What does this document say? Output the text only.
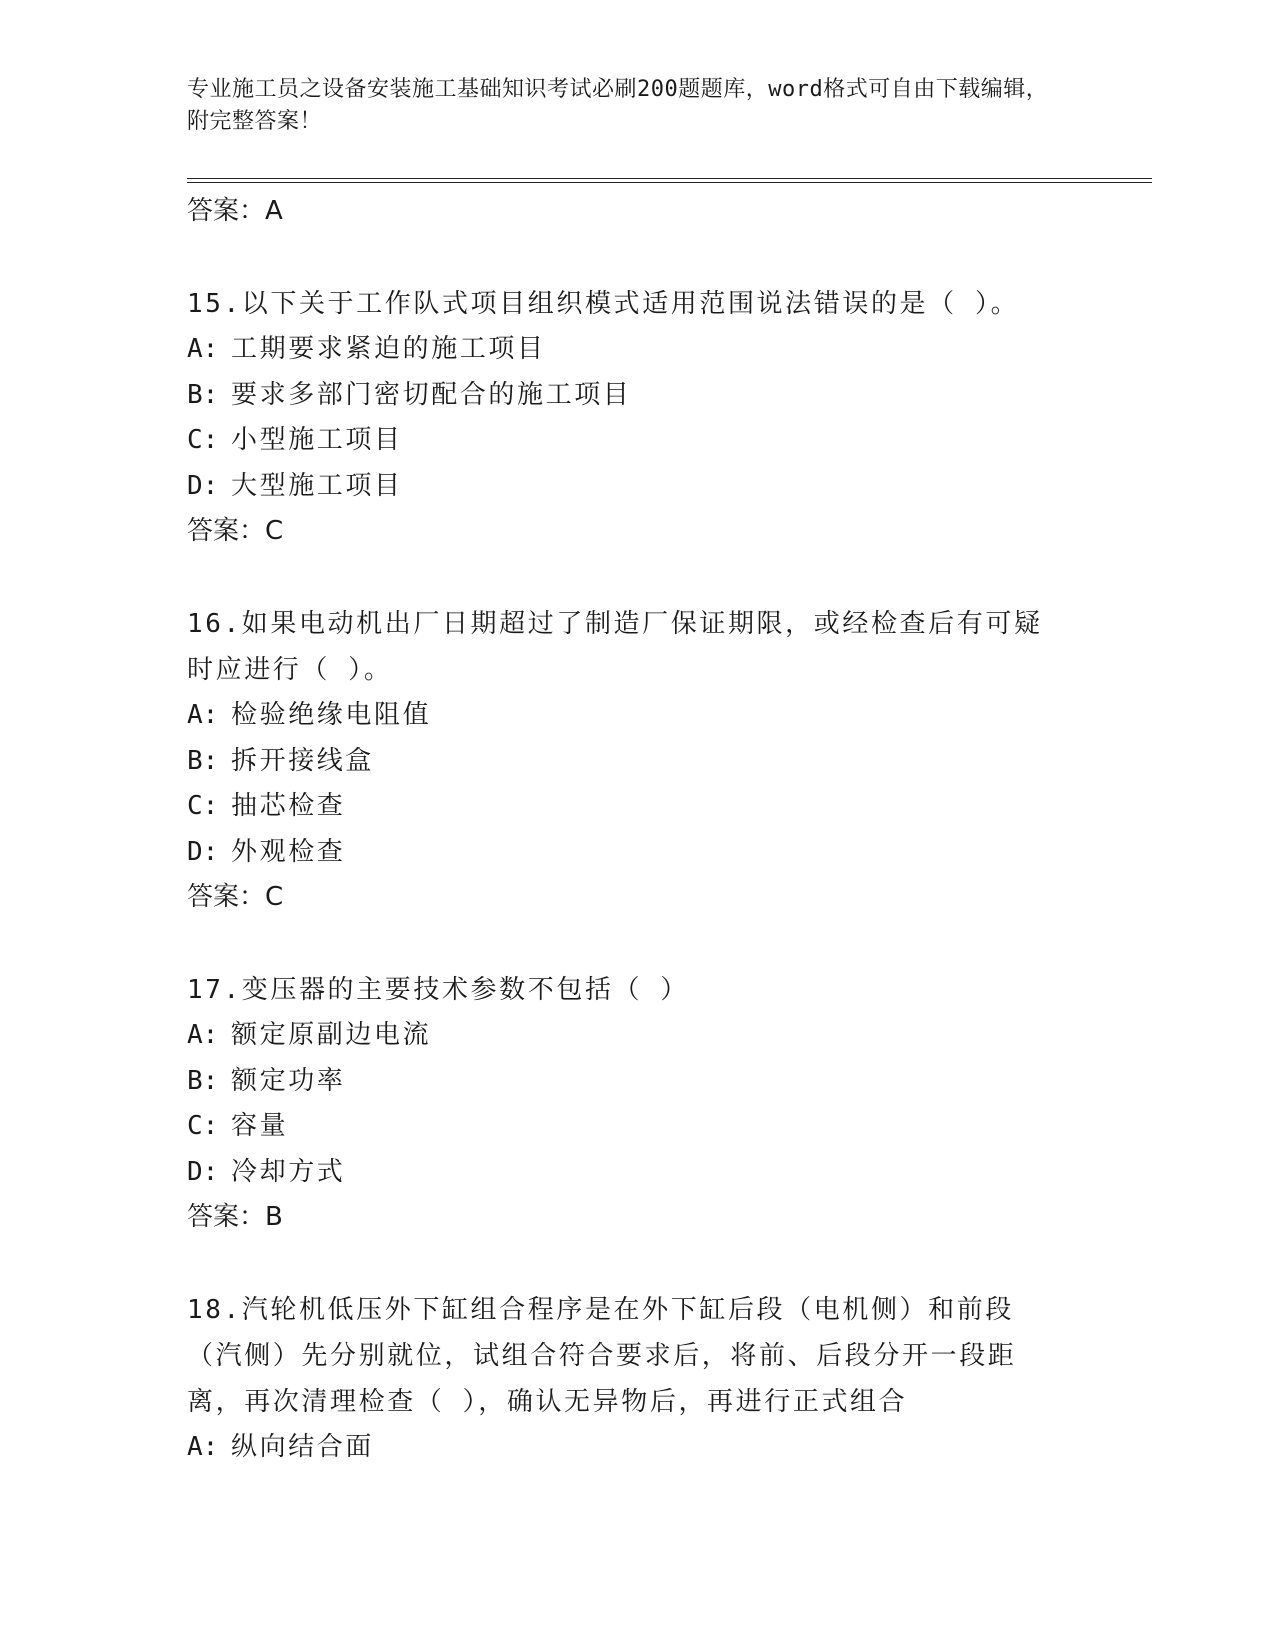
专业施工员之设备安装施工基础知识考试必刷200题题库，word格式可自由下载编辑，附完整答案！
答案：A
15.以下关于工作队式项目组织模式适用范围说法错误的是（ ）。
A: 工期要求紧迫的施工项目
B: 要求多部门密切配合的施工项目
C: 小型施工项目
D: 大型施工项目
答案：C
16.如果电动机出厂日期超过了制造厂保证期限，或经检查后有可疑时应进行（ ）。
A: 检验绝缘电阻值
B: 拆开接线盒
C: 抽芯检查
D: 外观检查
答案：C
17.变压器的主要技术参数不包括（ ）
A: 额定原副边电流
B: 额定功率
C: 容量
D: 冷却方式
答案：B
18.汽轮机低压外下缸组合程序是在外下缸后段（电机侧）和前段（汽侧）先分别就位，试组合符合要求后，将前、后段分开一段距离，再次清理检查（ ），确认无异物后，再进行正式组合
A: 纵向结合面
